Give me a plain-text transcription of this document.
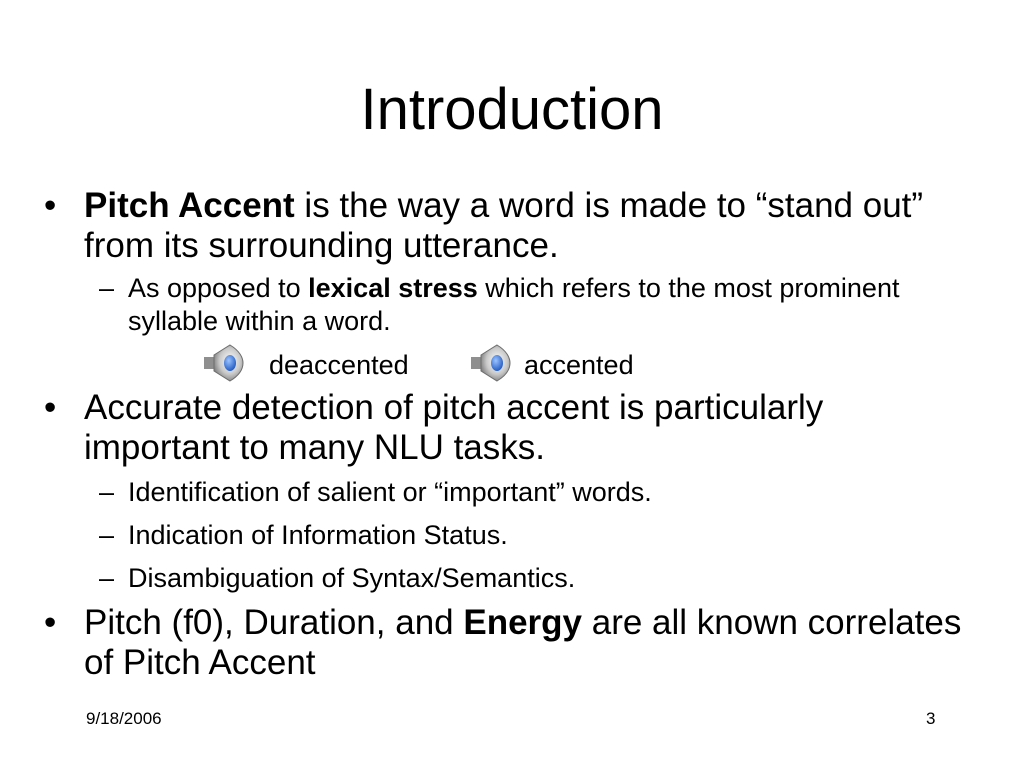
Introduction
• Pitch Accent is the way a word is made to “stand out” from its surrounding utterance.
– As opposed to lexical stress which refers to the most prominent syllable within a word.
deaccented	accented
• Accurate detection of pitch accent is particularly important to many NLU tasks.
– Identification of salient or “important” words.
– Indication of Information Status.
– Disambiguation of Syntax/Semantics.
• Pitch (f0), Duration, and Energy are all known correlates of Pitch Accent
9/18/2006	3
